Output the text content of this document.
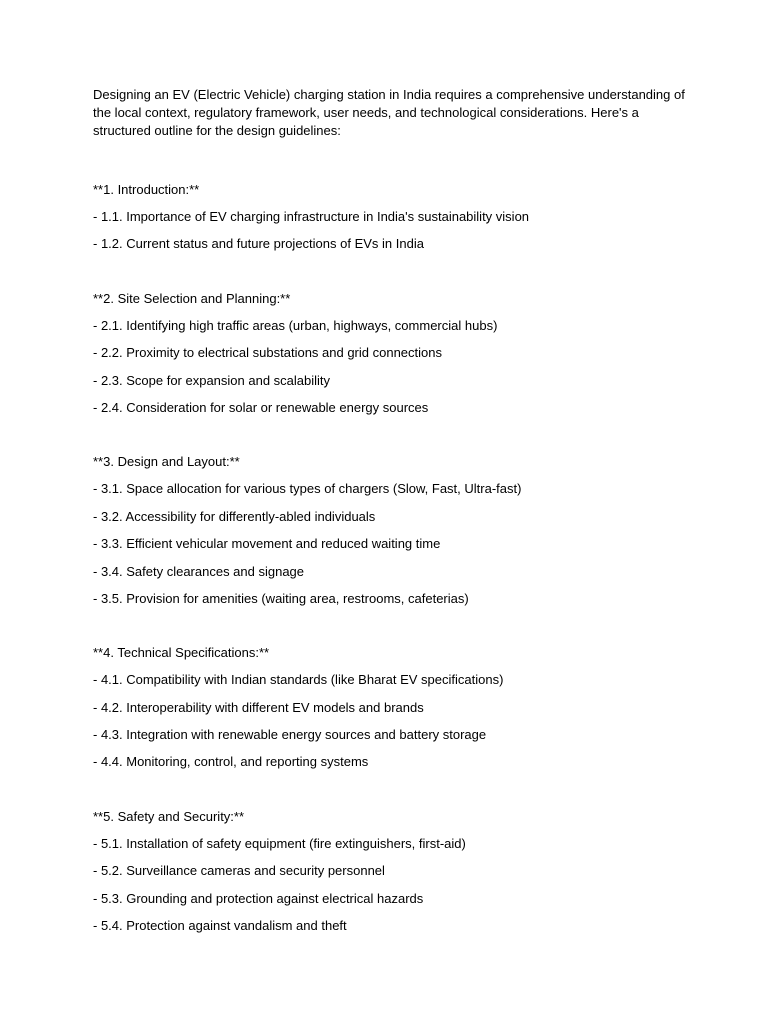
Designing an EV (Electric Vehicle) charging station in India requires a comprehensive understanding of the local context, regulatory framework, user needs, and technological considerations. Here's a structured outline for the design guidelines:

**1. Introduction:**

- 1.1. Importance of EV charging infrastructure in India's sustainability vision

- 1.2. Current status and future projections of EVs in India

**2. Site Selection and Planning:**

- 2.1. Identifying high traffic areas (urban, highways, commercial hubs)

- 2.2. Proximity to electrical substations and grid connections

- 2.3. Scope for expansion and scalability

- 2.4. Consideration for solar or renewable energy sources

**3. Design and Layout:**

- 3.1. Space allocation for various types of chargers (Slow, Fast, Ultra-fast)

- 3.2. Accessibility for differently-abled individuals

- 3.3. Efficient vehicular movement and reduced waiting time

- 3.4. Safety clearances and signage

- 3.5. Provision for amenities (waiting area, restrooms, cafeterias)

**4. Technical Specifications:**

- 4.1. Compatibility with Indian standards (like Bharat EV specifications)

- 4.2. Interoperability with different EV models and brands

- 4.3. Integration with renewable energy sources and battery storage

- 4.4. Monitoring, control, and reporting systems

**5. Safety and Security:**

- 5.1. Installation of safety equipment (fire extinguishers, first-aid)

- 5.2. Surveillance cameras and security personnel

- 5.3. Grounding and protection against electrical hazards

- 5.4. Protection against vandalism and theft
